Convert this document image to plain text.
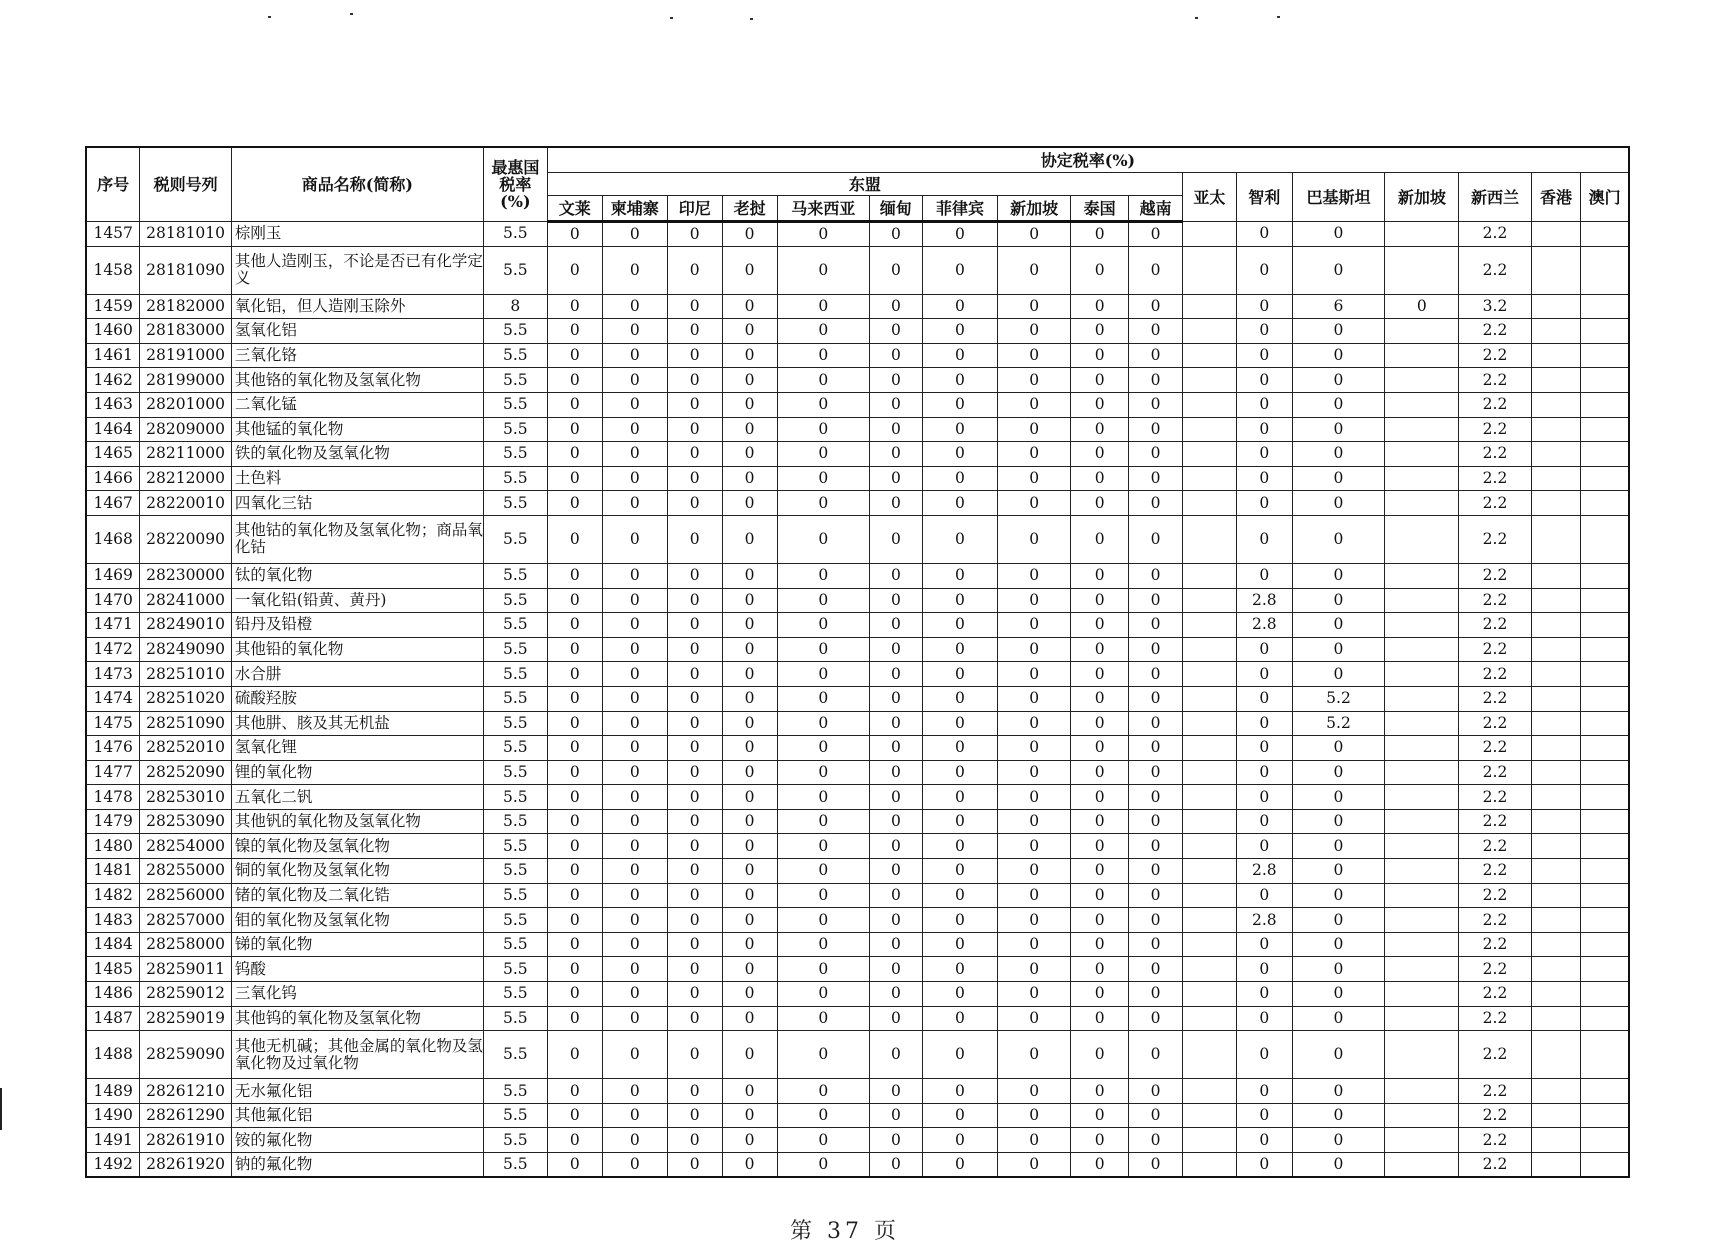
序号	税则号列	商品名称(简称)	最惠国
税率
(%)	协定税率(%)																
				东盟										亚太	智利	巴基斯坦	新加坡	新西兰	香港	澳门
				文莱	柬埔寨	印尼	老挝	马来西亚	缅甸	菲律宾	新加坡	泰国	越南							
1457	28181010	棕刚玉	5.5	0	0	0	0	0	0	0	0	0	0		0	0		2.2		
1458	28181090	其他人造刚玉，不论是否已有化学定义	5.5	0	0	0	0	0	0	0	0	0	0		0	0		2.2		
1459	28182000	氧化铝，但人造刚玉除外	8	0	0	0	0	0	0	0	0	0	0		0	6	0	3.2		
1460	28183000	氢氧化铝	5.5	0	0	0	0	0	0	0	0	0	0		0	0		2.2		
1461	28191000	三氧化铬	5.5	0	0	0	0	0	0	0	0	0	0		0	0		2.2		
1462	28199000	其他铬的氧化物及氢氧化物	5.5	0	0	0	0	0	0	0	0	0	0		0	0		2.2		
1463	28201000	二氧化锰	5.5	0	0	0	0	0	0	0	0	0	0		0	0		2.2		
1464	28209000	其他锰的氧化物	5.5	0	0	0	0	0	0	0	0	0	0		0	0		2.2		
1465	28211000	铁的氧化物及氢氧化物	5.5	0	0	0	0	0	0	0	0	0	0		0	0		2.2		
1466	28212000	土色料	5.5	0	0	0	0	0	0	0	0	0	0		0	0		2.2		
1467	28220010	四氧化三钴	5.5	0	0	0	0	0	0	0	0	0	0		0	0		2.2		
1468	28220090	其他钴的氧化物及氢氧化物；商品氧化钴	5.5	0	0	0	0	0	0	0	0	0	0		0	0		2.2		
1469	28230000	钛的氧化物	5.5	0	0	0	0	0	0	0	0	0	0		0	0		2.2		
1470	28241000	一氧化铅(铅黄、黄丹)	5.5	0	0	0	0	0	0	0	0	0	0		2.8	0		2.2		
1471	28249010	铅丹及铅橙	5.5	0	0	0	0	0	0	0	0	0	0		2.8	0		2.2		
1472	28249090	其他铅的氧化物	5.5	0	0	0	0	0	0	0	0	0	0		0	0		2.2		
1473	28251010	水合肼	5.5	0	0	0	0	0	0	0	0	0	0		0	0		2.2		
1474	28251020	硫酸羟胺	5.5	0	0	0	0	0	0	0	0	0	0		0	5.2		2.2		
1475	28251090	其他肼、胲及其无机盐	5.5	0	0	0	0	0	0	0	0	0	0		0	5.2		2.2		
1476	28252010	氢氧化锂	5.5	0	0	0	0	0	0	0	0	0	0		0	0		2.2		
1477	28252090	锂的氧化物	5.5	0	0	0	0	0	0	0	0	0	0		0	0		2.2		
1478	28253010	五氧化二钒	5.5	0	0	0	0	0	0	0	0	0	0		0	0		2.2		
1479	28253090	其他钒的氧化物及氢氧化物	5.5	0	0	0	0	0	0	0	0	0	0		0	0		2.2		
1480	28254000	镍的氧化物及氢氧化物	5.5	0	0	0	0	0	0	0	0	0	0		0	0		2.2		
1481	28255000	铜的氧化物及氢氧化物	5.5	0	0	0	0	0	0	0	0	0	0		2.8	0		2.2		
1482	28256000	锗的氧化物及二氧化锆	5.5	0	0	0	0	0	0	0	0	0	0		0	0		2.2		
1483	28257000	钼的氧化物及氢氧化物	5.5	0	0	0	0	0	0	0	0	0	0		2.8	0		2.2		
1484	28258000	锑的氧化物	5.5	0	0	0	0	0	0	0	0	0	0		0	0		2.2		
1485	28259011	钨酸	5.5	0	0	0	0	0	0	0	0	0	0		0	0		2.2		
1486	28259012	三氧化钨	5.5	0	0	0	0	0	0	0	0	0	0		0	0		2.2		
1487	28259019	其他钨的氧化物及氢氧化物	5.5	0	0	0	0	0	0	0	0	0	0		0	0		2.2		
1488	28259090	其他无机碱；其他金属的氧化物及氢氧化物及过氧化物	5.5	0	0	0	0	0	0	0	0	0	0		0	0		2.2		
1489	28261210	无水氟化铝	5.5	0	0	0	0	0	0	0	0	0	0		0	0		2.2		
1490	28261290	其他氟化铝	5.5	0	0	0	0	0	0	0	0	0	0		0	0		2.2		
1491	28261910	铵的氟化物	5.5	0	0	0	0	0	0	0	0	0	0		0	0		2.2		
1492	28261920	钠的氟化物	5.5	0	0	0	0	0	0	0	0	0	0		0	0		2.2		
第 37 页
